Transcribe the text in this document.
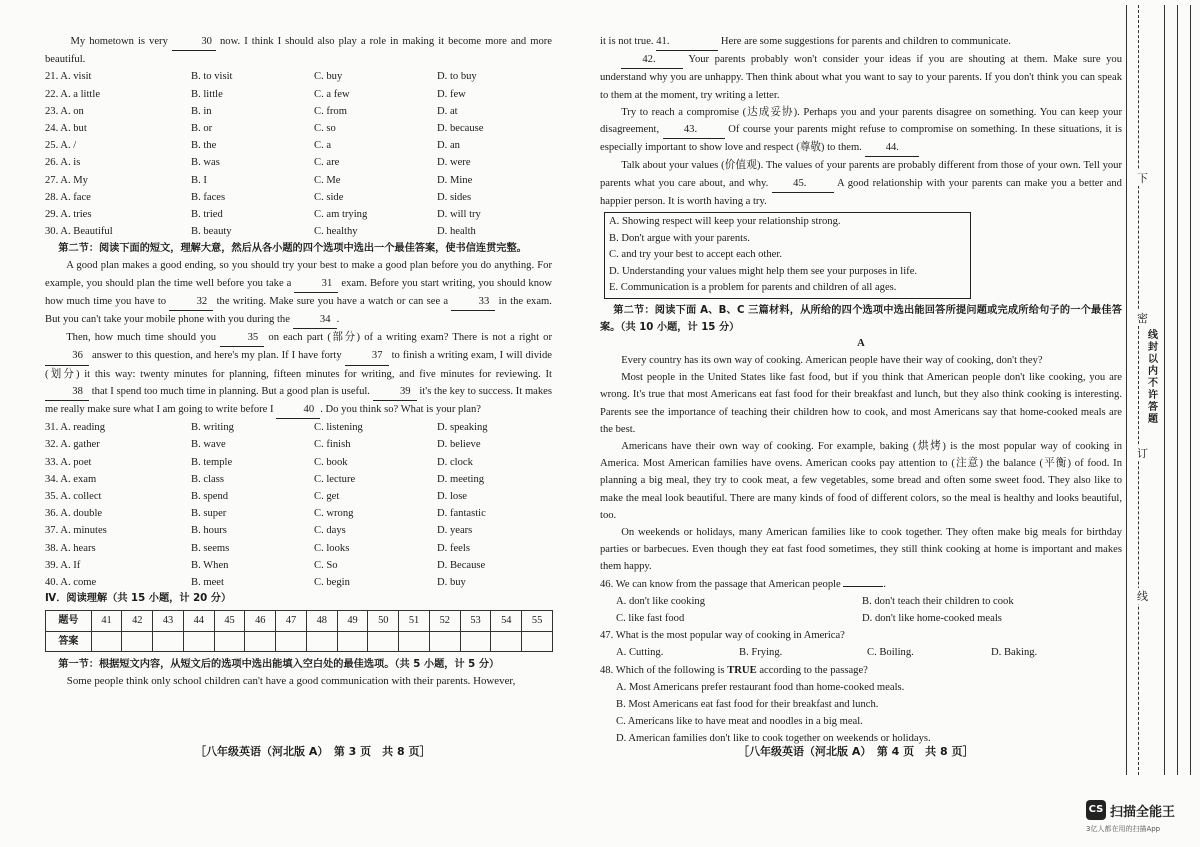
My hometown is very	30 now. I think I should also play a role in making it become more and more beautiful.

21. A. visit	B. to visit	C. buy	D. to buy
22. A. a little	B. little	C. a few	D. few
23. A. on	B. in	C. from	D. at
24. A. but	B. or	C. so	D. because
25. A. /	B. the	C. a	D. an
26. A. is	B. was	C. are	D. were
27. A. My	B. I	C. Me	D. Mine
28. A. face	B. faces	C. side	D. sides
29. A. tries	B. tried	C. am trying	D. will try
30. A. Beautiful	B. beauty	C. healthy	D. health

第二节：阅读下面的短文，理解大意，然后从各小题的四个选项中选出一个最佳答案，使书信连贯完整。

A good plan makes a good ending, so you should try your best to make a good plan before you do anything. For example, you should plan the time well before you take a	31 exam. Before you start writing, you should know how much time you have to	32 the writing. Make sure you have a watch or can see a	33 in the exam. But you can't take your mobile phone with you during the	34 .

Then, how much time should you	35 on each part (部分) of a writing exam? There is not a right or 36 answer to this question, and here's my plan. If I have forty	37 to finish a writing exam, I will divide (划分) it this way: twenty minutes for planning, fifteen minutes for writing, and five minutes for reviewing. It 38 that I spend too much time in planning. But a good plan is useful.	39 it's the key to success. It makes me really make sure what I am going to write before I	40 . Do you think so? What is your plan?

31. A. reading	B. writing	C. listening	D. speaking
32. A. gather	B. wave	C. finish	D. believe
33. A. poet	B. temple	C. book	D. clock
34. A. exam	B. class	C. lecture	D. meeting
35. A. collect	B. spend	C. get	D. lose
36. A. double	B. super	C. wrong	D. fantastic
37. A. minutes	B. hours	C. days	D. years
38. A. hears	B. seems	C. looks	D. feels
39. A. If	B. When	C. So	D. Because
40. A. come	B. meet	C. begin	D. buy
Ⅳ．阅读理解（共 15 小题，计 20 分）
题号	41	42	43	44	45	46	47	48	49	50	51	52	53	54	55
答案															

第一节：根据短文内容，从短文后的选项中选出能填入空白处的最佳选项。（共 5 小题，计 5 分）

Some people think only school children can't have a good communication with their parents. However,

［八年级英语（河北版 A）　第 3 页　共 8 页］

it is not true. 41.	Here are some suggestions for parents and children to communicate.

42.	Your parents probably won't consider your ideas if you are shouting at them. Make sure you understand why you are unhappy. Then think about what you want to say to your parents. If you don't think you can speak to them at the moment, try writing a letter.

Try to reach a compromise (达成妥协). Perhaps you and your parents disagree on something. You can keep your disagreement, 43.	Of course your parents might refuse to compromise on something. In these situations, it is especially important to show love and respect (尊敬) to them. 44.

Talk about your values (价值观). The values of your parents are probably different from those of your own. Tell your parents what you care about, and why. 45.	A good relationship with your parents can make you a better and happier person. It is worth having a try.

A. Showing respect will keep your relationship strong.
B. Don't argue with your parents.
C. and try your best to accept each other.
D. Understanding your values might help them see your purposes in life.
E. Communication is a problem for parents and children of all ages.

第二节：阅读下面 A、B、C 三篇材料，从所给的四个选项中选出能回答所提问题或完成所给句子的一个最佳答案。（共 10 小题，计 15 分）

A

Every country has its own way of cooking. American people have their way of cooking, don't they?

Most people in the United States like fast food, but if you think that American people don't like cooking, you are wrong. It's true that most Americans eat fast food for their breakfast and lunch, but they also think cooking is interesting. Parents see the importance of teaching their children how to cook, and most Americans say that home-cooked meals are the best.

Americans have their own way of cooking. For example, baking (烘烤) is the most popular way of cooking in America. Most American families have ovens. American cooks pay attention to (注意) the balance (平衡) of food. In planning a big meal, they try to cook meat, a few vegetables, some bread and often some sweet food. They also like to make the meal look beautiful. There are many kinds of food of different colors, so the meal is healthy and looks beautiful, too.

On weekends or holidays, many American families like to cook together. They often make big meals for birthday parties or barbecues. Even though they eat fast food sometimes, they still think cooking at home is important and makes them happy.

46. We can know from the passage that American people	.
A. don't like cooking	B. don't teach their children to cook
C. like fast food	D. don't like home-cooked meals
47. What is the most popular way of cooking in America?
A. Cutting.	B. Frying.	C. Boiling.	D. Baking.
48. Which of the following is TRUE according to the passage?
A. Most Americans prefer restaurant food than home-cooked meals.
B. Most Americans eat fast food for their breakfast and lunch.
C. Americans like to have meat and noodles in a big meal.
D. American families don't like to cook together on weekends or holidays.
［八年级英语（河北版 A）　第 4 页　共 8 页］
下
密
订
线
线封以内不许答题
CS 扫描全能王
3亿人都在用的扫描App
